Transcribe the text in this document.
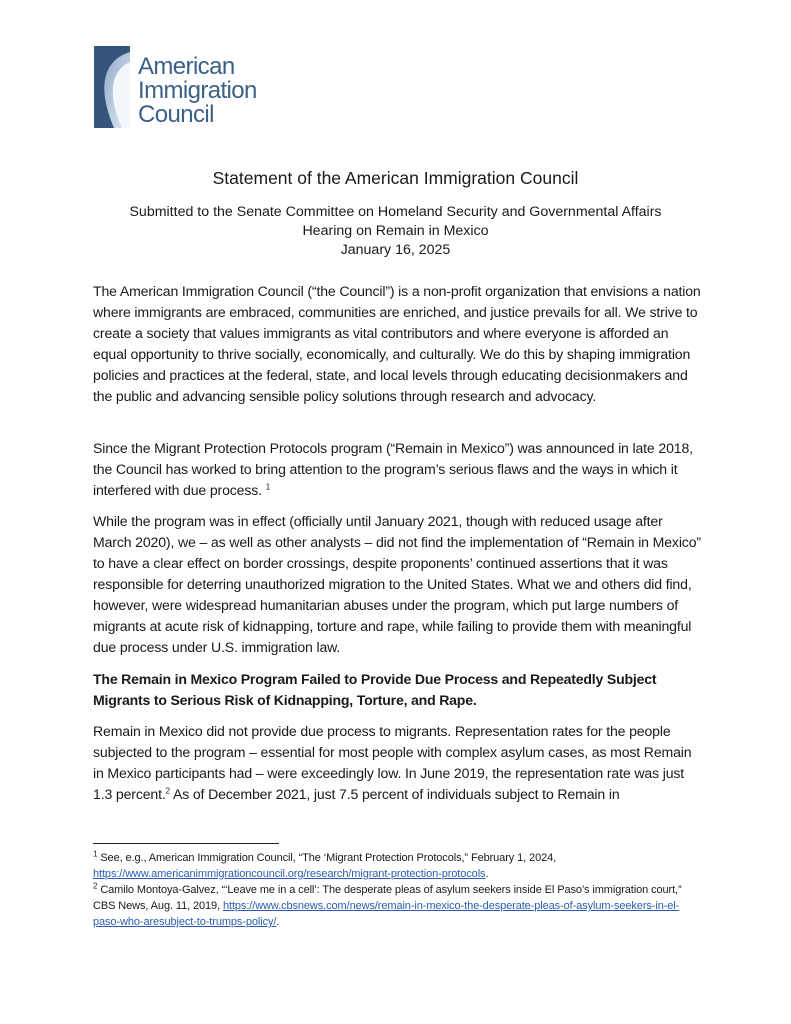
American
Immigration
Council
Statement of the American Immigration Council
Submitted to the Senate Committee on Homeland Security and Governmental Affairs
Hearing on Remain in Mexico
January 16, 2025
The American Immigration Council (“the Council”) is a non-profit organization that envisions a nation where immigrants are embraced, communities are enriched, and justice prevails for all. We strive to create a society that values immigrants as vital contributors and where everyone is afforded an equal opportunity to thrive socially, economically, and culturally. We do this by shaping immigration policies and practices at the federal, state, and local levels through educating decisionmakers and the public and advancing sensible policy solutions through research and advocacy.
Since the Migrant Protection Protocols program (“Remain in Mexico”) was announced in late 2018, the Council has worked to bring attention to the program’s serious flaws and the ways in which it interfered with due process. $^1$
While the program was in effect (officially until January 2021, though with reduced usage after March 2020), we – as well as other analysts – did not find the implementation of “Remain in Mexico” to have a clear effect on border crossings, despite proponents’ continued assertions that it was responsible for deterring unauthorized migration to the United States. What we and others did find, however, were widespread humanitarian abuses under the program, which put large numbers of migrants at acute risk of kidnapping, torture and rape, while failing to provide them with meaningful due process under U.S. immigration law.
The Remain in Mexico Program Failed to Provide Due Process and Repeatedly Subject Migrants to Serious Risk of Kidnapping, Torture, and Rape.
Remain in Mexico did not provide due process to migrants. Representation rates for the people subjected to the program – essential for most people with complex asylum cases, as most Remain in Mexico participants had – were exceedingly low. In June 2019, the representation rate was just 1.3 percent.$^2$ As of December 2021, just 7.5 percent of individuals subject to Remain in
$^1$ See, e.g., American Immigration Council, “The ‘Migrant Protection Protocols,” February 1, 2024, https://www.americanimmigrationcouncil.org/research/migrant-protection-protocols.
$^2$ Camilo Montoya-Galvez, “‘Leave me in a cell’: The desperate pleas of asylum seekers inside El Paso’s immigration court,” CBS News, Aug. 11, 2019, https://www.cbsnews.com/news/remain-in-mexico-the-desperate-pleas-of-asylum-seekers-in-el-paso-who-aresubject-to-trumps-policy/.
